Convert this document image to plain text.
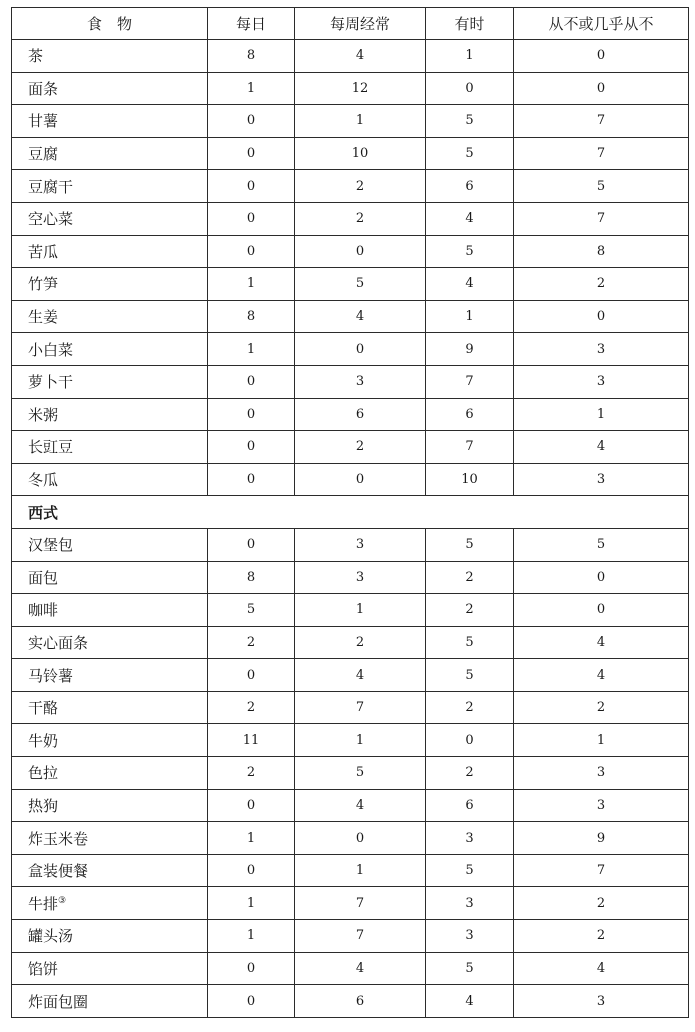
食　物	每日	每周经常	有时	从不或几乎从不
茶	8	4	1	0
面条	1	12	0	0
甘薯	0	1	5	7
豆腐	0	10	5	7
豆腐干	0	2	6	5
空心菜	0	2	4	7
苦瓜	0	0	5	8
竹笋	1	5	4	2
生姜	8	4	1	0
小白菜	1	0	9	3
萝卜干	0	3	7	3
米粥	0	6	6	1
长豇豆	0	2	7	4
冬瓜	0	0	10	3
西式				
汉堡包	0	3	5	5
面包	8	3	2	0
咖啡	5	1	2	0
实心面条	2	2	5	4
马铃薯	0	4	5	4
干酪	2	7	2	2
牛奶	11	1	0	1
色拉	2	5	2	3
热狗	0	4	6	3
炸玉米卷	1	0	3	9
盒装便餐	0	1	5	7
牛排③	1	7	3	2
罐头汤	1	7	3	2
馅饼	0	4	5	4
炸面包圈	0	6	4	3
